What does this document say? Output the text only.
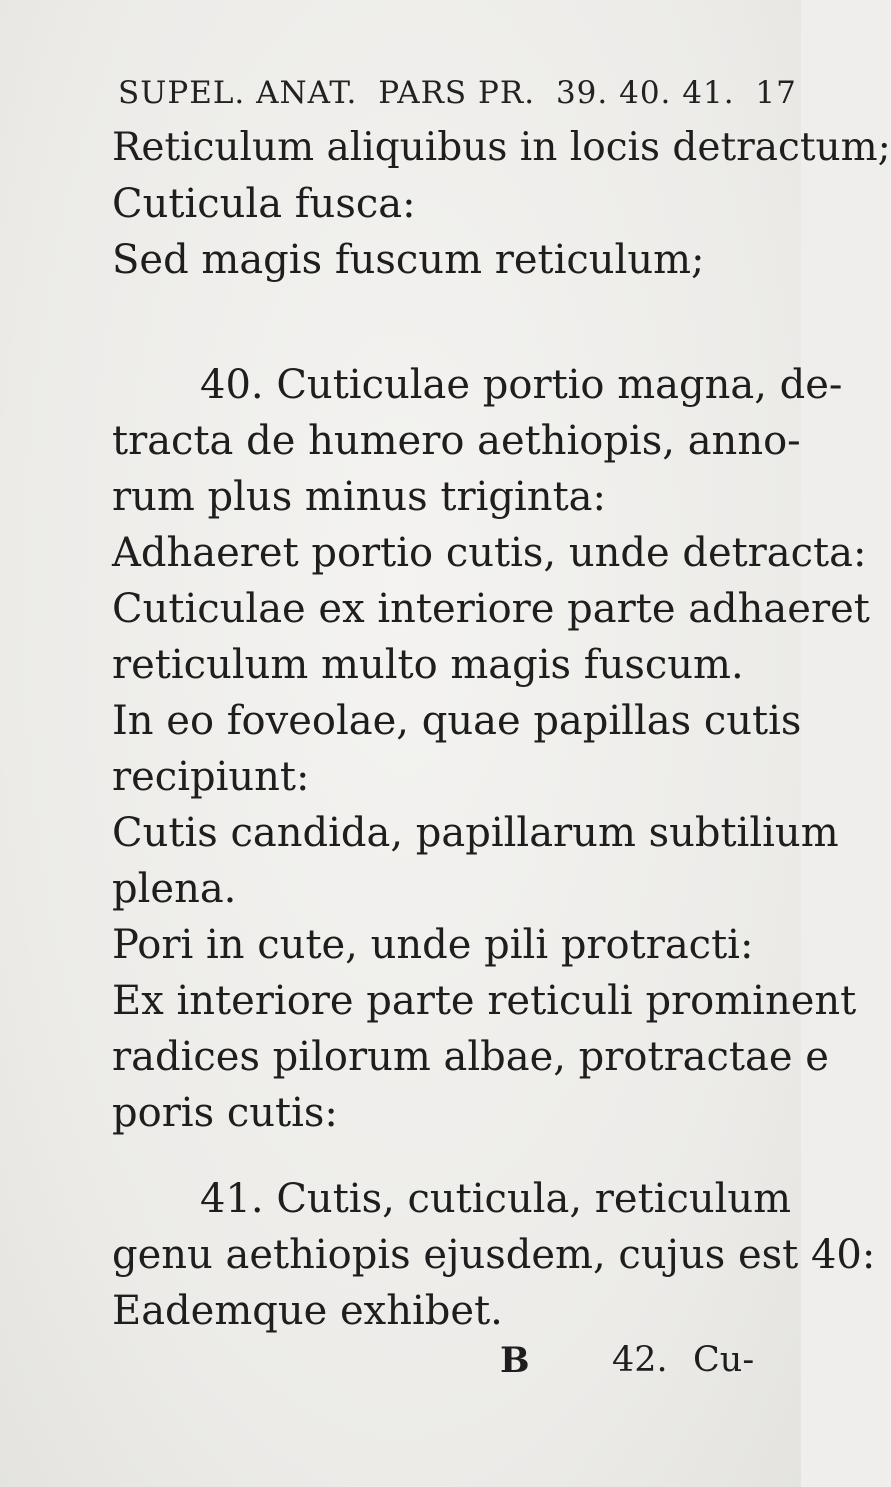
SUPEL. ANAT. PARS PR. 39. 40. 41. 17
Reticulum aliquibus in locis detractum;
Cuticula fusca:
Sed magis fuscum reticulum;
40. Cuticulae portio magna, de-
tracta de humero aethiopis, anno-
rum plus minus triginta:
Adhaeret portio cutis, unde detracta:
Cuticulae ex interiore parte adhaeret
reticulum multo magis fuscum.
In eo foveolae, quae papillas cutis
recipiunt:
Cutis candida, papillarum subtilium
plena.
Pori in cute, unde pili protracti:
Ex interiore parte reticuli prominent
radices pilorum albae, protractae e
poris cutis:
41. Cutis, cuticula, reticulum
genu aethiopis ejusdem, cujus est 40:
Eademque exhibet.
B 42. Cu-
